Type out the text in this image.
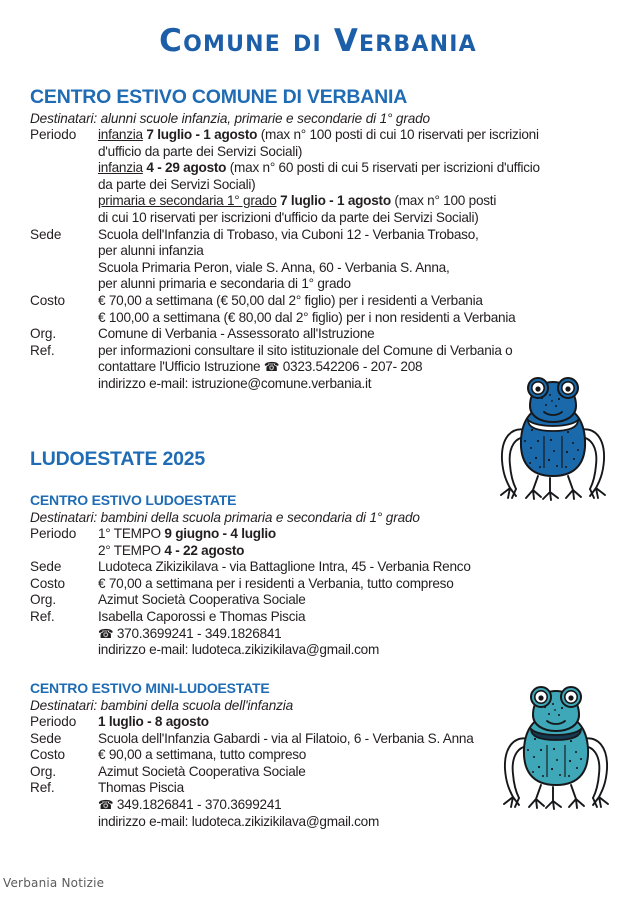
Comune di Verbania
CENTRO ESTIVO COMUNE DI VERBANIA
Destinatari: alunni scuole infanzia, primarie e secondarie di 1° grado
Periodo	infanzia 7 luglio - 1 agosto (max n° 100 posti di cui 10 riservati per iscrizioni
d'ufficio da parte dei Servizi Sociali)
infanzia 4 - 29 agosto (max n° 60 posti di cui 5 riservati per iscrizioni d'ufficio
da parte dei Servizi Sociali)
primaria e secondaria 1° grado 7 luglio - 1 agosto (max n° 100 posti
di cui 10 riservati per iscrizioni d'ufficio da parte dei Servizi Sociali)
Sede	Scuola dell'Infanzia di Trobaso, via Cuboni 12 - Verbania Trobaso,
per alunni infanzia
Scuola Primaria Peron, viale S. Anna, 60 - Verbania S. Anna,
per alunni primaria e secondaria di 1° grado
Costo	€ 70,00 a settimana (€ 50,00 dal 2° figlio) per i residenti a Verbania
€ 100,00 a settimana (€ 80,00 dal 2° figlio) per i non residenti a Verbania
Org.	Comune di Verbania - Assessorato all'Istruzione
Ref.	per informazioni consultare il sito istituzionale del Comune di Verbania o
contattare l'Ufficio Istruzione ☎ 0323.542206 - 207- 208
indirizzo e-mail: istruzione@comune.verbania.it
LUDOESTATE 2025
CENTRO ESTIVO LUDOESTATE
Destinatari: bambini della scuola primaria e secondaria di 1° grado
Periodo	1° TEMPO 9 giugno - 4 luglio
2° TEMPO 4 - 22 agosto
Sede	Ludoteca Zikizikilava - via Battaglione Intra, 45 - Verbania Renco
Costo	€ 70,00 a settimana per i residenti a Verbania, tutto compreso
Org.	Azimut Società Cooperativa Sociale
Ref.	Isabella Caporossi e Thomas Piscia
☎ 370.3699241 - 349.1826841
indirizzo e-mail: ludoteca.zikizikilava@gmail.com
CENTRO ESTIVO MINI-LUDOESTATE
Destinatari: bambini della scuola dell'infanzia
Periodo	1 luglio - 8 agosto
Sede	Scuola dell'Infanzia Gabardi - via al Filatoio, 6 - Verbania S. Anna
Costo	€ 90,00 a settimana, tutto compreso
Org.	Azimut Società Cooperativa Sociale
Ref.	Thomas Piscia
☎ 349.1826841 - 370.3699241
indirizzo e-mail: ludoteca.zikizikilava@gmail.com
Verbania Notizie
